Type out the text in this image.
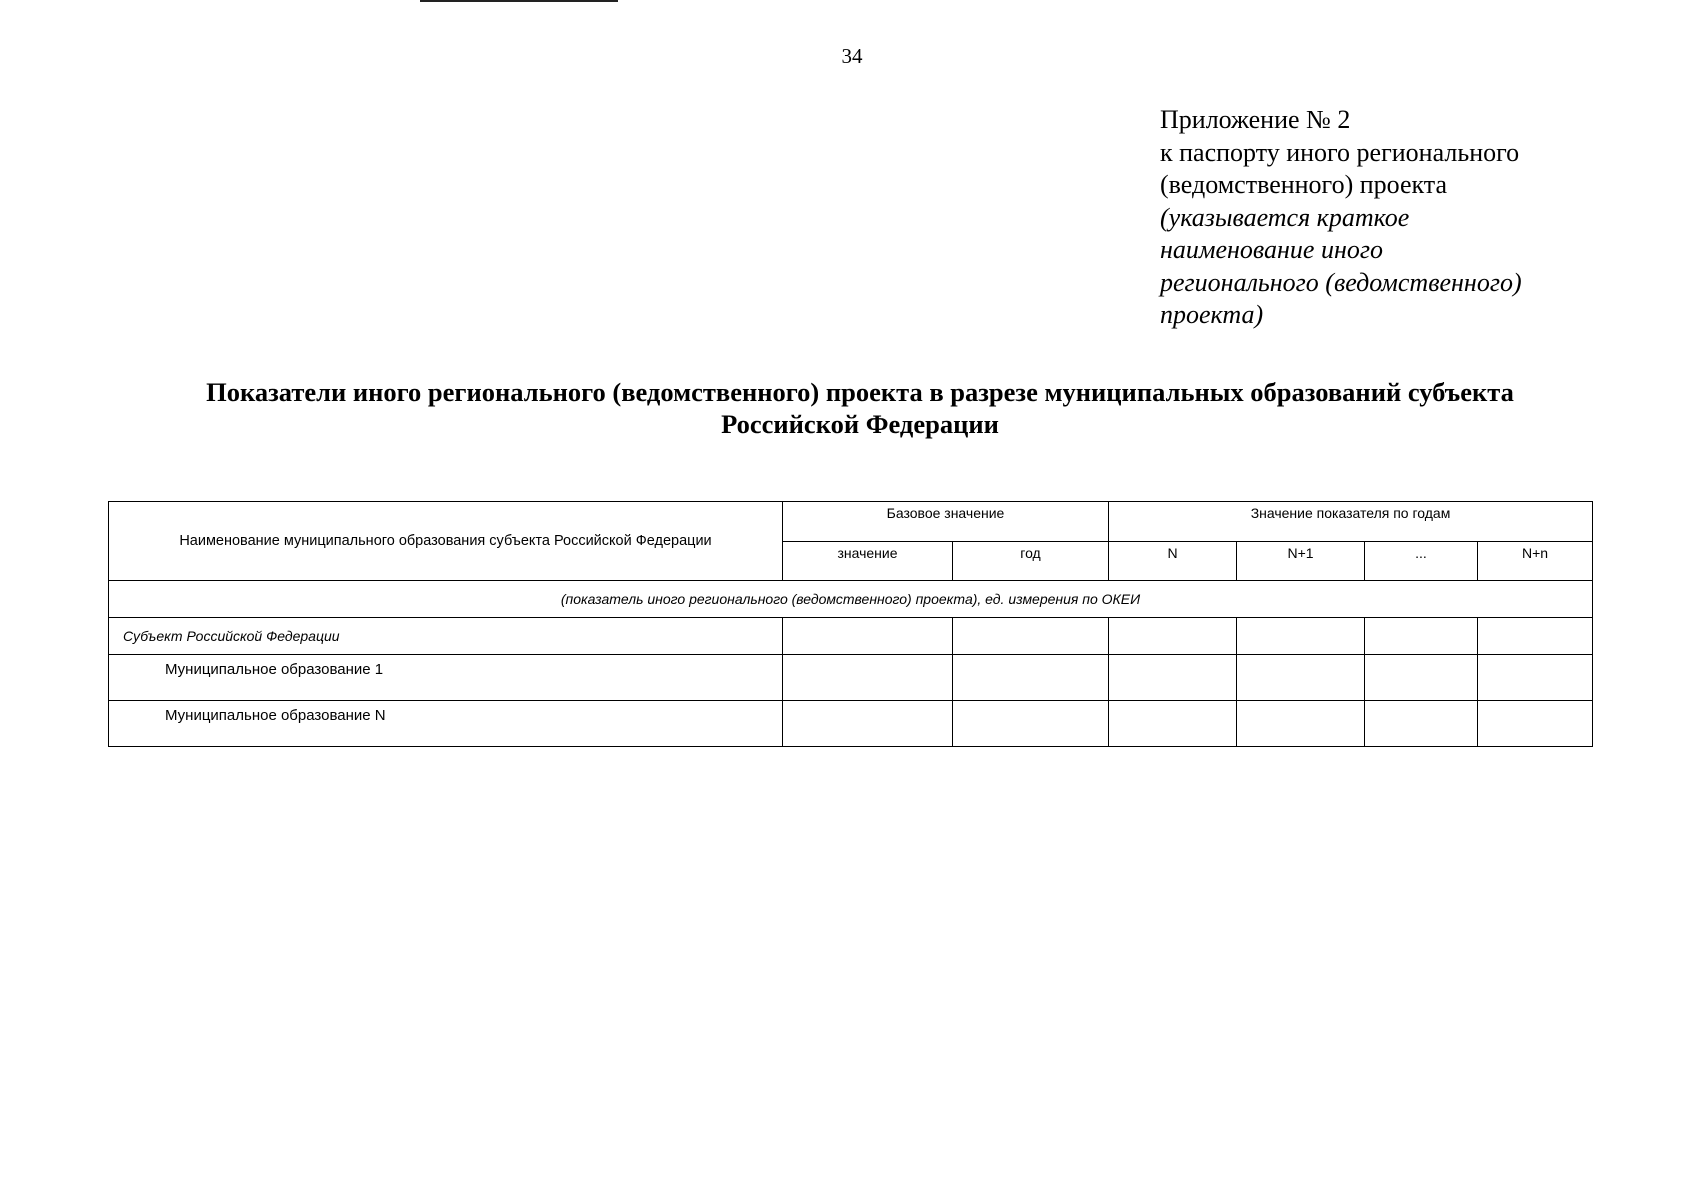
34
Приложение № 2
к паспорту иного регионального
(ведомственного) проекта
(указывается краткое
наименование иного
регионального (ведомственного)
проекта)
Показатели иного регионального (ведомственного) проекта в разрезе муниципальных образований субъекта
Российской Федерации
Наименование муниципального образования субъекта Российской Федерации	Базовое значение		Значение показателя по годам			
	значение	год	N	N+1	...	N+n
(показатель иного регионального (ведомственного) проекта), ед. измерения по ОКЕИ						
Субъект Российской Федерации						
Муниципальное образование 1						
Муниципальное образование N						
